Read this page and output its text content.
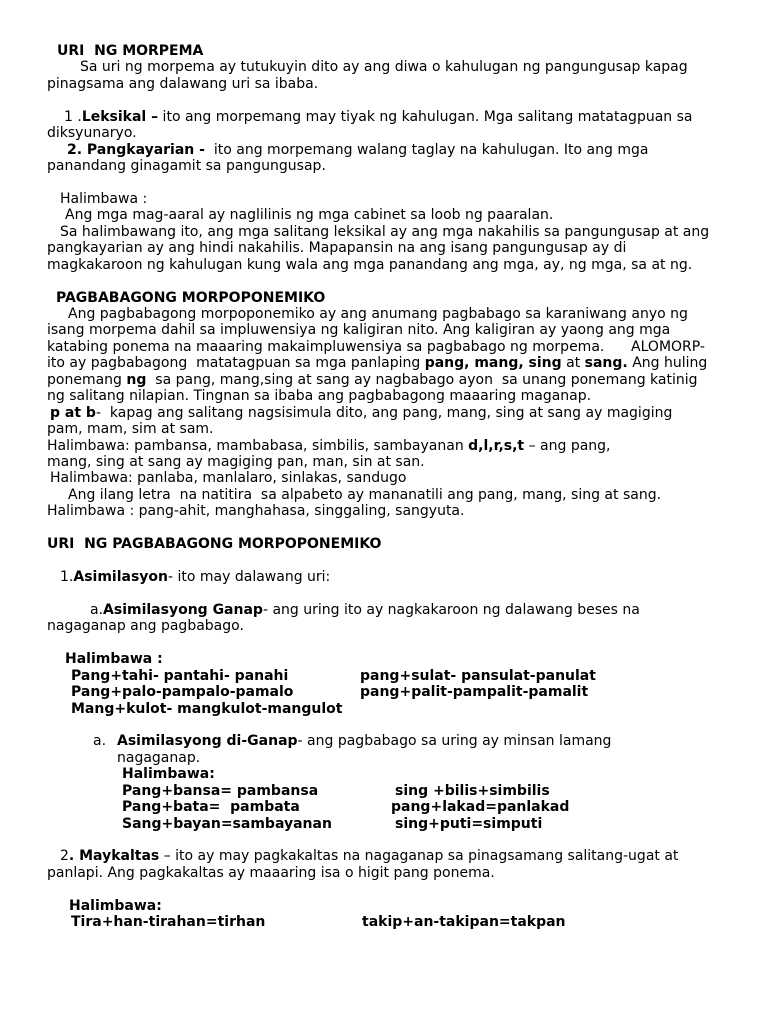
URI  NG MORPEMA
Sa uri ng morpema ay tutukuyin dito ay ang diwa o kahulugan ng pangungusap kapag
pinagsama ang dalawang uri sa ibaba.
1 .Leksikal – ito ang morpemang may tiyak ng kahulugan. Mga salitang matatagpuan sa
diksyunaryo.
2. Pangkayarian -  ito ang morpemang walang taglay na kahulugan. Ito ang mga
panandang ginagamit sa pangungusap.
Halimbawa :
Ang mga mag-aaral ay naglilinis ng mga cabinet sa loob ng paaralan.
Sa halimbawang ito, ang mga salitang leksikal ay ang mga nakahilis sa pangungusap at ang
pangkayarian ay ang hindi nakahilis. Mapapansin na ang isang pangungusap ay di
magkakaroon ng kahulugan kung wala ang mga panandang ang mga, ay, ng mga, sa at ng.
PAGBABAGONG MORPOPONEMIKO
Ang pagbabagong morpoponemiko ay ang anumang pagbabago sa karaniwang anyo ng
isang morpema dahil sa impluwensiya ng kaligiran nito. Ang kaligiran ay yaong ang mga
katabing ponema na maaaring makaimpluwensiya sa pagbabago ng morpema.      ALOMORP-
ito ay pagbabagong  matatagpuan sa mga panlaping pang, mang, sing at sang. Ang huling
ponemang ng  sa pang, mang,sing at sang ay nagbabago ayon  sa unang ponemang katinig
ng salitang nilapian. Tingnan sa ibaba ang pagbabagong maaaring maganap.
p at b-  kapag ang salitang nagsisimula dito, ang pang, mang, sing at sang ay magiging
pam, mam, sim at sam.
Halimbawa: pambansa, mambabasa, simbilis, sambayanan d,l,r,s,t – ang pang,
mang, sing at sang ay magiging pan, man, sin at san.
Halimbawa: panlaba, manlalaro, sinlakas, sandugo
Ang ilang letra  na natitira  sa alpabeto ay mananatili ang pang, mang, sing at sang.
Halimbawa : pang-ahit, manghahasa, singgaling, sangyuta.
URI  NG PAGBABAGONG MORPOPONEMIKO
1.Asimilasyon- ito may dalawang uri:
a.Asimilasyong Ganap- ang uring ito ay nagkakaroon ng dalawang beses na
nagaganap ang pagbabago.
Halimbawa :
Pang+tahi- pantahi- panahi	pang+sulat- pansulat-panulat
Pang+palo-pampalo-pamalo	pang+palit-pampalit-pamalit
Mang+kulot- mangkulot-mangulot
a. Asimilasyong di-Ganap- ang pagbabago sa uring ay minsan lamang
nagaganap.
Halimbawa:
Pang+bansa= pambansa	sing +bilis+simbilis
Pang+bata=  pambata	pang+lakad=panlakad
Sang+bayan=sambayanan	sing+puti=simputi
2. Maykaltas – ito ay may pagkakaltas na nagaganap sa pinagsamang salitang-ugat at
panlapi. Ang pagkakaltas ay maaaring isa o higit pang ponema.
Halimbawa:
Tira+han-tirahan=tirhan	takip+an-takipan=takpan
